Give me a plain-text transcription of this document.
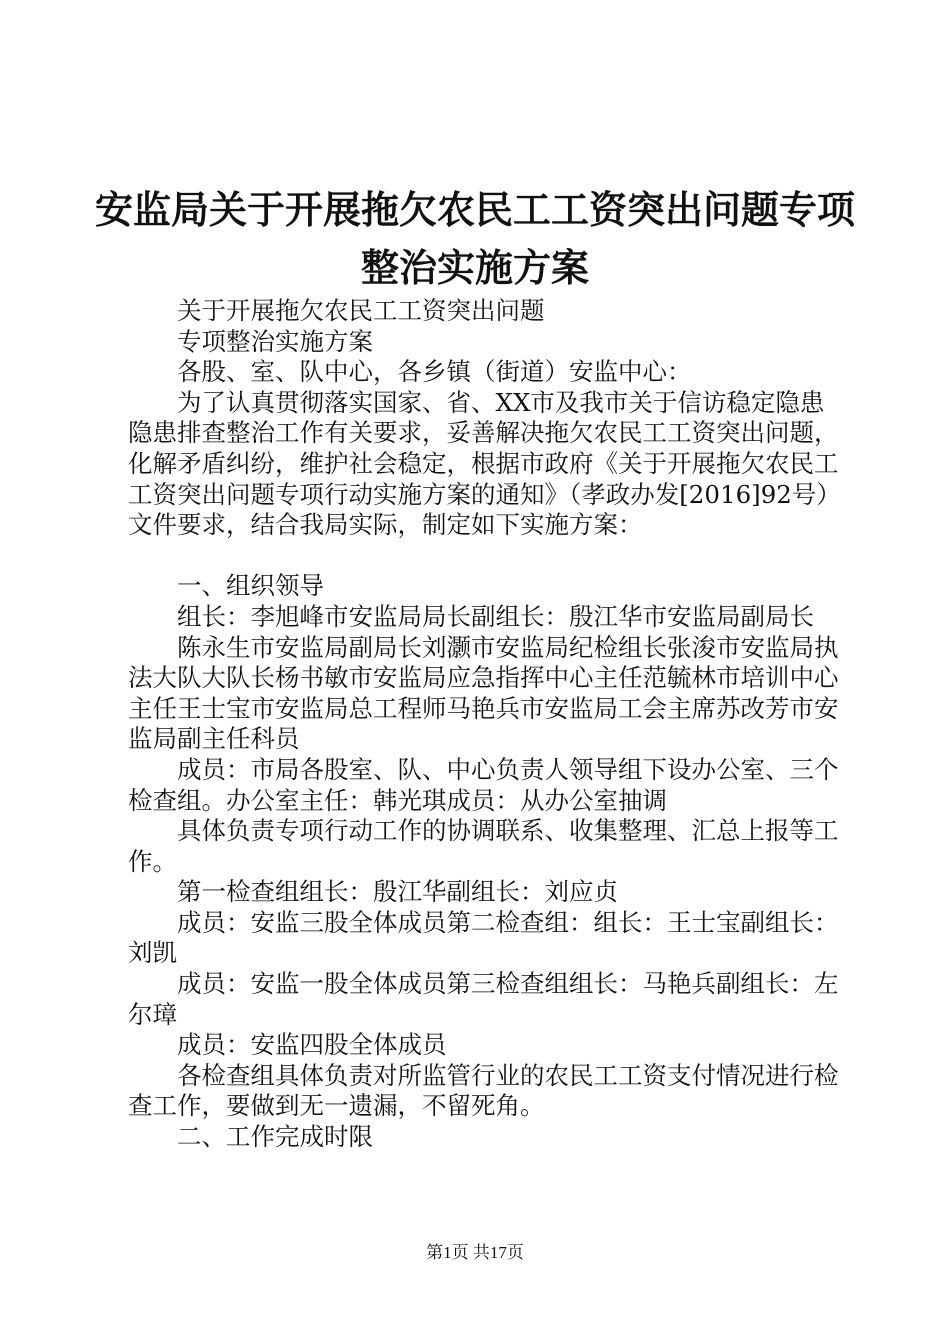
安监局关于开展拖欠农民工工资突出问题专项
整治实施方案

关于开展拖欠农民工工资突出问题

专项整治实施方案

各股、室、队中心，各乡镇（街道）安监中心：

为了认真贯彻落实国家、省、XX市及我市关于信访稳定隐患隐患排查整治工作有关要求，妥善解决拖欠农民工工资突出问题，化解矛盾纠纷，维护社会稳定，根据市政府《关于开展拖欠农民工工资突出问题专项行动实施方案的通知》（孝政办发[2016]92号）文件要求，结合我局实际，制定如下实施方案：

一、组织领导

组长：李旭峰市安监局局长副组长：殷江华市安监局副局长

陈永生市安监局副局长刘灏市安监局纪检组长张浚市安监局执法大队大队长杨书敏市安监局应急指挥中心主任范毓林市培训中心主任王士宝市安监局总工程师马艳兵市安监局工会主席苏改芳市安监局副主任科员

成员：市局各股室、队、中心负责人领导组下设办公室、三个检查组。办公室主任：韩光琪成员：从办公室抽调

具体负责专项行动工作的协调联系、收集整理、汇总上报等工作。

第一检查组组长：殷江华副组长：刘应贞

成员：安监三股全体成员第二检查组：组长：王士宝副组长：刘凯

成员：安监一股全体成员第三检查组组长：马艳兵副组长：左尔璋

成员：安监四股全体成员

各检查组具体负责对所监管行业的农民工工资支付情况进行检查工作，要做到无一遗漏，不留死角。

二、工作完成时限

第1页 共17页
